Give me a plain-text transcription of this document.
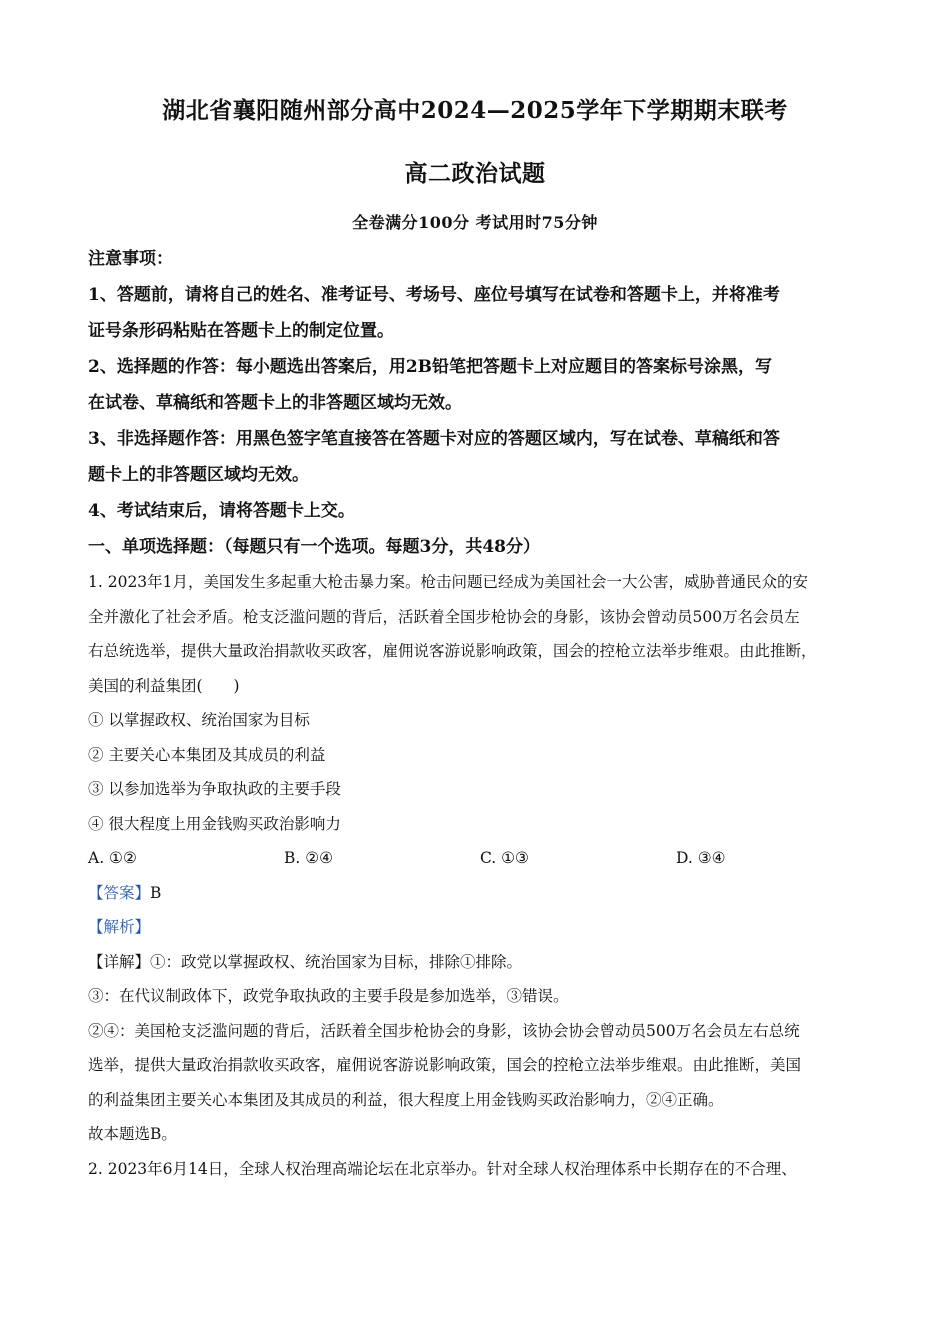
湖北省襄阳随州部分高中2024—2025学年下学期期末联考
高二政治试题
全卷满分100分 考试用时75分钟
注意事项：
1、答题前，请将自己的姓名、准考证号、考场号、座位号填写在试卷和答题卡上，并将准考
证号条形码粘贴在答题卡上的制定位置。
2、选择题的作答：每小题选出答案后，用2B铅笔把答题卡上对应题目的答案标号涂黑，写
在试卷、草稿纸和答题卡上的非答题区域均无效。
3、非选择题作答：用黑色签字笔直接答在答题卡对应的答题区域内，写在试卷、草稿纸和答
题卡上的非答题区域均无效。
4、考试结束后，请将答题卡上交。
一、单项选择题：（每题只有一个选项。每题3分，共48分）
1. 2023年1月，美国发生多起重大枪击暴力案。枪击问题已经成为美国社会一大公害，威胁普通民众的安
全并激化了社会矛盾。枪支泛滥问题的背后，活跃着全国步枪协会的身影，该协会曾动员500万名会员左
右总统选举，提供大量政治捐款收买政客，雇佣说客游说影响政策，国会的控枪立法举步维艰。由此推断，
美国的利益集团(　　)
① 以掌握政权、统治国家为目标
② 主要关心本集团及其成员的利益
③ 以参加选举为争取执政的主要手段
④ 很大程度上用金钱购买政治影响力
A. ①②	B. ②④	C. ①③	D. ③④
【答案】B
【解析】
【详解】①：政党以掌握政权、统治国家为目标，排除①排除。
③：在代议制政体下，政党争取执政的主要手段是参加选举，③错误。
②④：美国枪支泛滥问题的背后，活跃着全国步枪协会的身影，该协会协会曾动员500万名会员左右总统
选举，提供大量政治捐款收买政客，雇佣说客游说影响政策，国会的控枪立法举步维艰。由此推断，美国
的利益集团主要关心本集团及其成员的利益，很大程度上用金钱购买政治影响力，②④正确。
故本题选B。
2. 2023年6月14日，全球人权治理高端论坛在北京举办。针对全球人权治理体系中长期存在的不合理、
